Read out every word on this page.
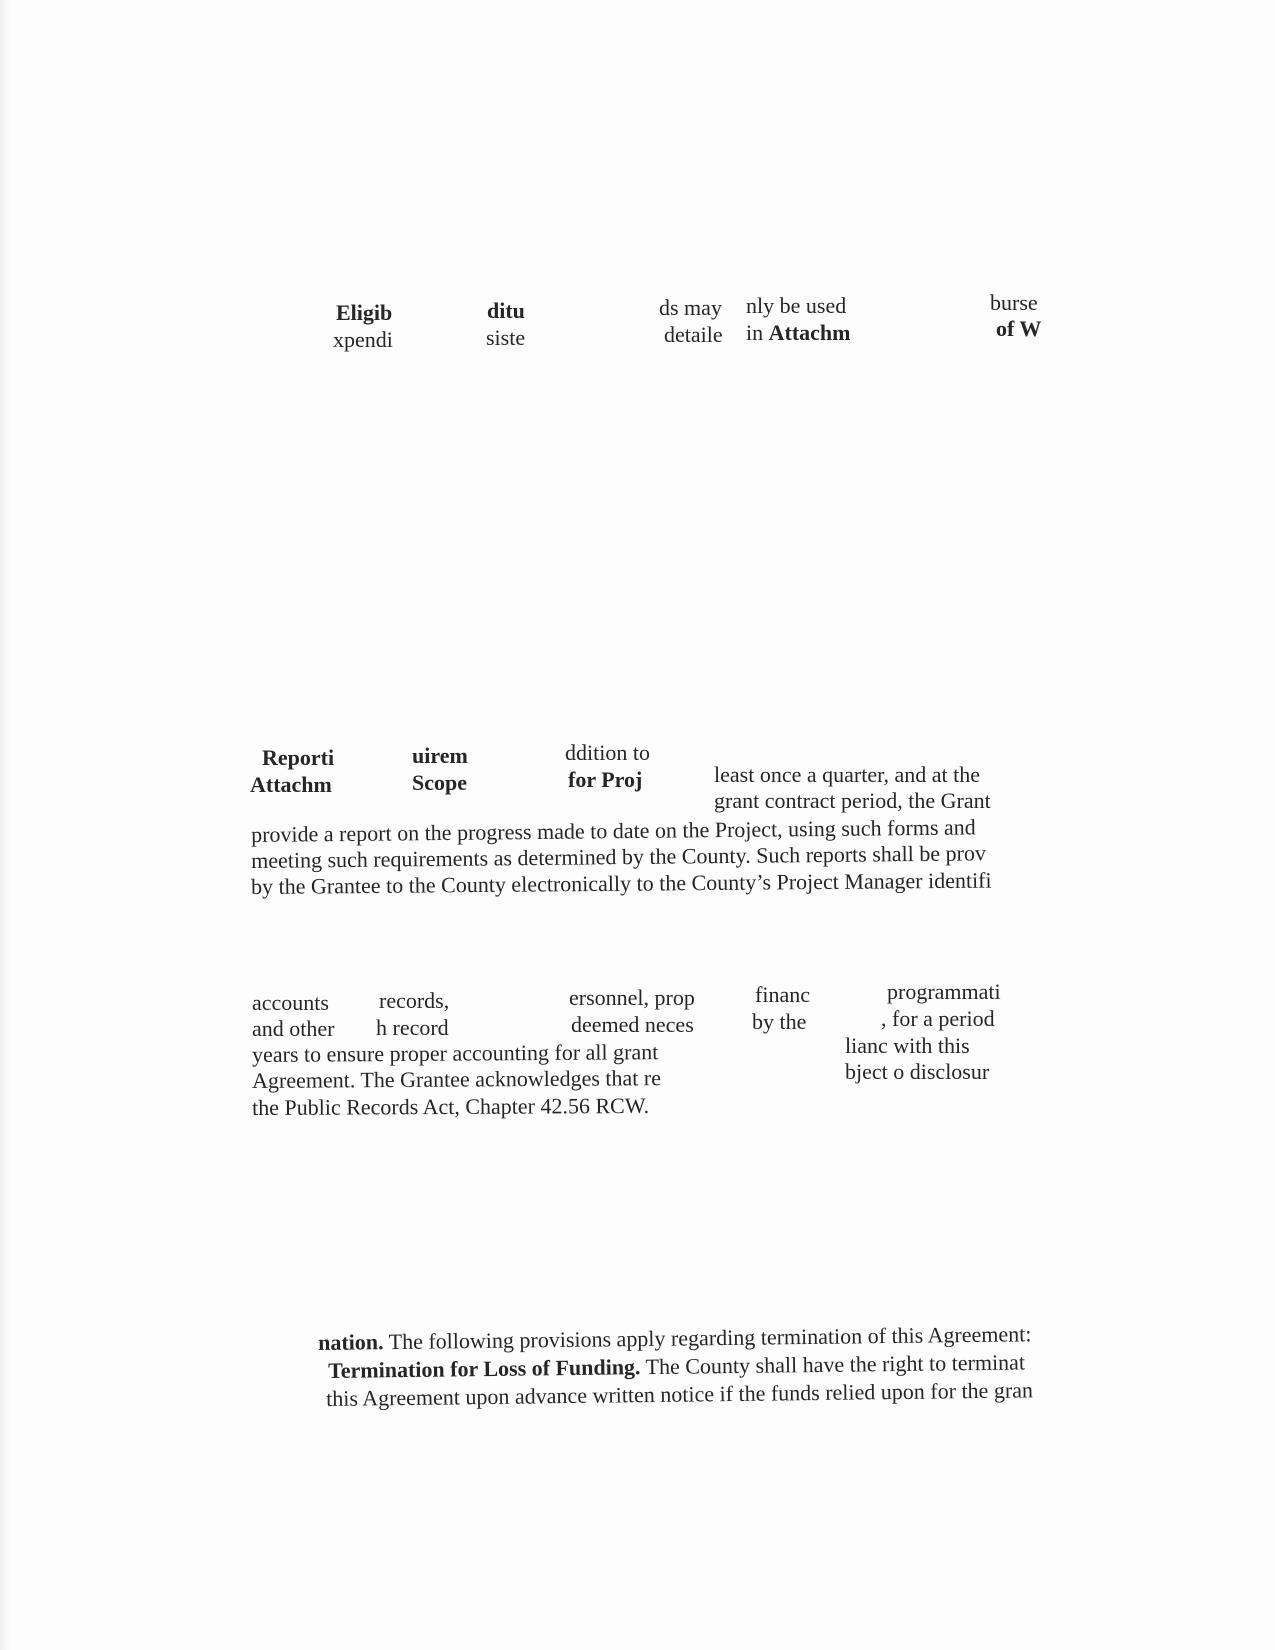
Eligib
xpendi
ditu
siste
ds may
detaile
nly be used
in Attachm
burse
of W
Reporti
Attachm
uirem
Scope
ddition to
for Proj	least once a quarter, and at the
grant contract period, the Grant
provide a report on the progress made to date on the Project, using such forms and
meeting such requirements as determined by the County. Such reports shall be prov
by the Grantee to the County electronically to the County’s Project Manager identifi
accounts
and other
records,
h record
ersonnel, prop
deemed neces
financ
by the
programmati
, for a period
years to ensure proper accounting for all grant
Agreement. The Grantee acknowledges that re
the Public Records Act, Chapter 42.56 RCW.
lianc with this
bject o disclosur
nation. The following provisions apply regarding termination of this Agreement:
Termination for Loss of Funding. The County shall have the right to terminat
this Agreement upon advance written notice if the funds relied upon for the gran
